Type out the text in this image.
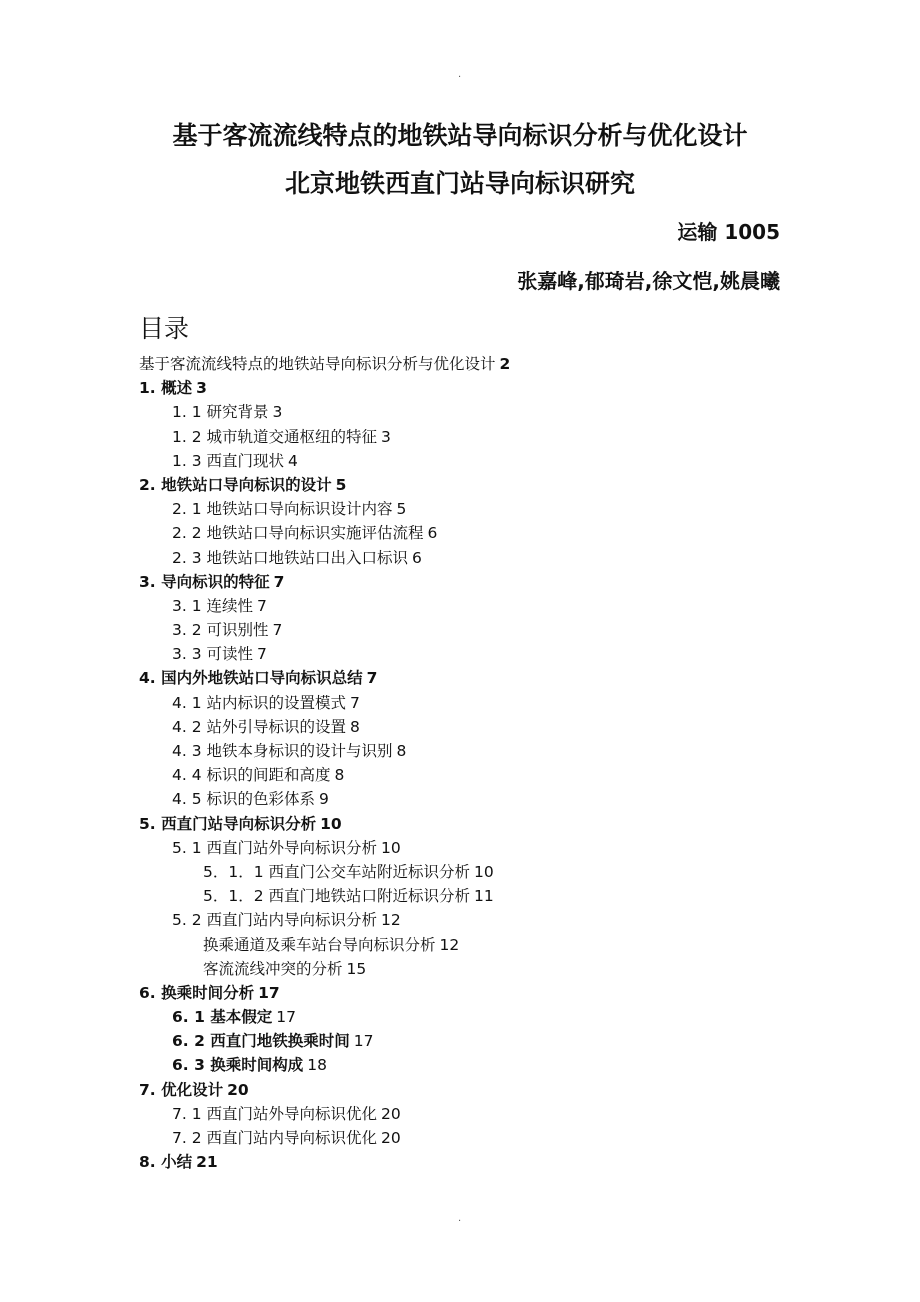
.
基于客流流线特点的地铁站导向标识分析与优化设计
北京地铁西直门站导向标识研究
运输 1005
张嘉峰,郁琦岩,徐文恺,姚晨曦
目录
基于客流流线特点的地铁站导向标识分析与优化设计 2
1. 概述 3
1. 1 研究背景 3
1. 2 城市轨道交通枢纽的特征 3
1. 3 西直门现状 4
2. 地铁站口导向标识的设计 5
2. 1 地铁站口导向标识设计内容 5
2. 2 地铁站口导向标识实施评估流程 6
2. 3 地铁站口地铁站口出入口标识 6
3. 导向标识的特征 7
3. 1 连续性 7
3. 2 可识别性 7
3. 3 可读性 7
4. 国内外地铁站口导向标识总结 7
4. 1 站内标识的设置模式 7
4. 2 站外引导标识的设置 8
4. 3 地铁本身标识的设计与识别 8
4. 4 标识的间距和高度 8
4. 5 标识的色彩体系 9
5. 西直门站导向标识分析 10
5. 1 西直门站外导向标识分析 10
5．1．1 西直门公交车站附近标识分析 10
5．1．2 西直门地铁站口附近标识分析 11
5. 2 西直门站内导向标识分析 12
换乘通道及乘车站台导向标识分析 12
客流流线冲突的分析 15
6. 换乘时间分析 17
6. 1 基本假定 17
6. 2 西直门地铁换乘时间 17
6. 3 换乘时间构成 18
7. 优化设计 20
7. 1 西直门站外导向标识优化 20
7. 2 西直门站内导向标识优化 20
8. 小结 21
.
